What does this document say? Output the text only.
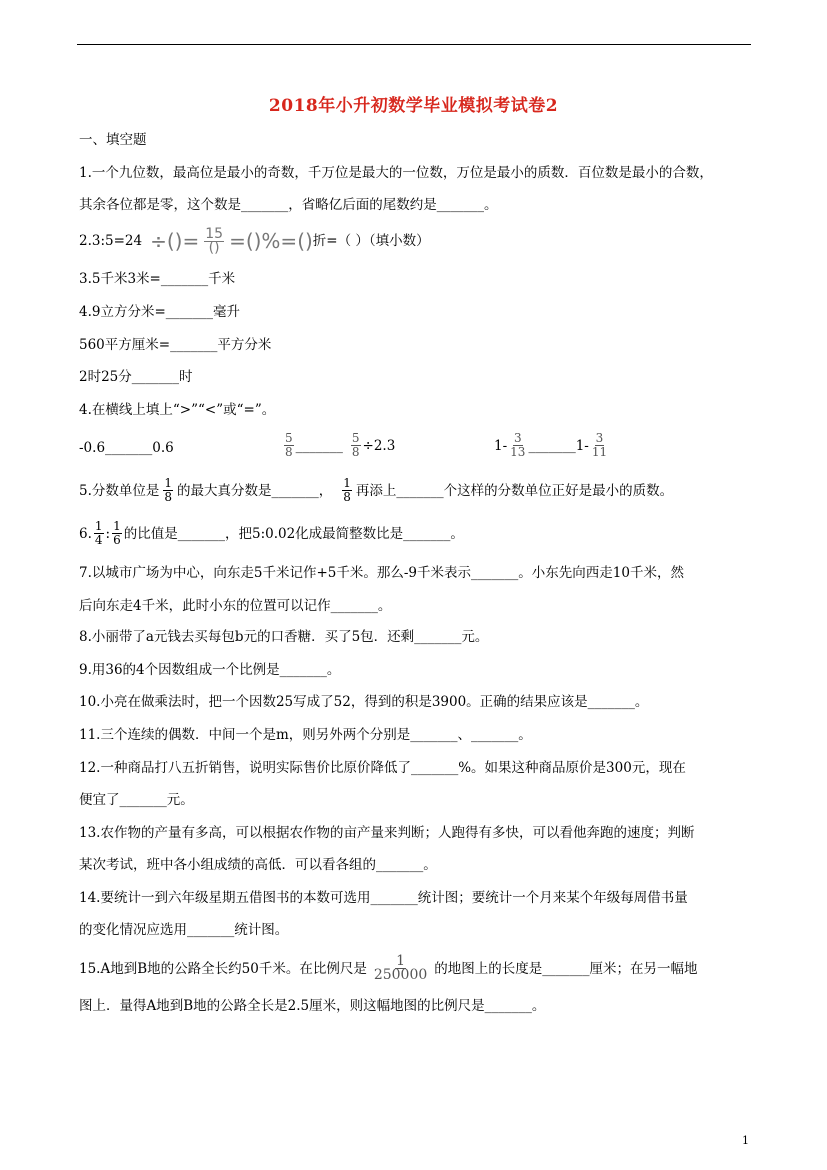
2018年小升初数学毕业模拟考试卷2
一、填空题
1.一个九位数，最高位是最小的奇数，千万位是最大的一位数，万位是最小的质数．百位数是最小的合数，
其余各位都是零，这个数是_______，省略亿后面的尾数约是_______。
2.3:5=24 ÷()= $\frac{15}{()}$ =()%=() 折=（ ）（填小数）
3.5千米3米=_______千米
4.9立方分米=_______毫升
560平方厘米=_______平方分米
2时25分_______时
4.在横线上填上“>”“<”或“=”。
-0.6_______0.6	$\frac{5}{8}$ _______ $\frac{5}{8} \div 2.3$	$1- \frac{3}{13}$ _______1- $\frac{3}{11}$
5.分数单位是 $\frac{1}{8}$ 的最大真分数是_______， $\frac{1}{8}$ 再添上_______个这样的分数单位正好是最小的质数。
6. $\frac{1}{4}$ : $\frac{1}{6}$ 的比值是_______，把5:0.02化成最简整数比是_______。
7.以城市广场为中心，向东走5千米记作+5千米。那么-9千米表示_______。小东先向西走10千米，然
后向东走4千米，此时小东的位置可以记作_______。
8.小丽带了a元钱去买每包b元的口香糖．买了5包．还剩_______元。
9.用36的4个因数组成一个比例是_______。
10.小亮在做乘法时，把一个因数25写成了52，得到的积是3900。正确的结果应该是_______。
11.三个连续的偶数．中间一个是m，则另外两个分别是_______、_______。
12.一种商品打八五折销售，说明实际售价比原价降低了_______%。如果这种商品原价是300元，现在
便宜了_______元。
13.农作物的产量有多高，可以根据农作物的亩产量来判断；人跑得有多快，可以看他奔跑的速度；判断
某次考试，班中各小组成绩的高低．可以看各组的_______。
14.要统计一到六年级星期五借图书的本数可选用_______统计图；要统计一个月来某个年级每周借书量
的变化情况应选用_______统计图。
15.A地到B地的公路全长约50千米。在比例尺是 $\frac{1}{250000}$ 的地图上的长度是_______厘米；在另一幅地
图上．量得A地到B地的公路全长是2.5厘米，则这幅地图的比例尺是_______。
1
